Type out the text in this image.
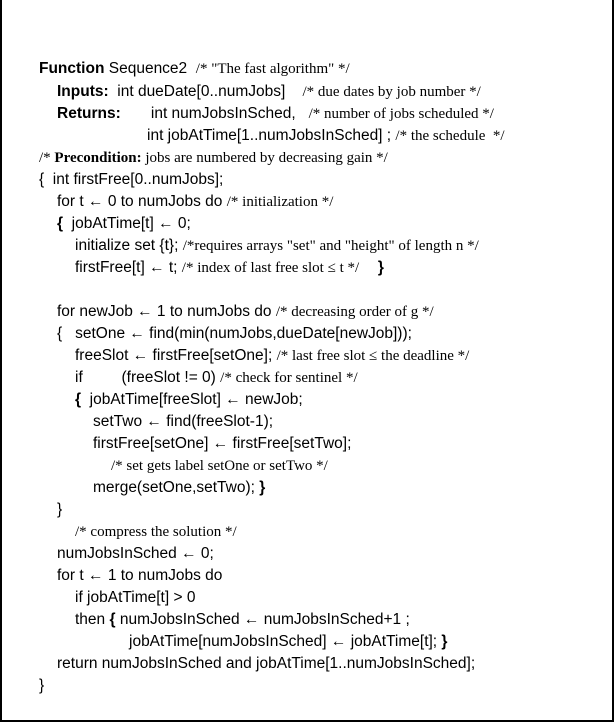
Function Sequence2  /* "The fast algorithm" */
Inputs:  int dueDate[0..numJobs]    /* due dates by job number */
Returns:       int numJobsInSched,   /* number of jobs scheduled */
int jobAtTime[1..numJobsInSched] ; /* the schedule  */
/* Precondition: jobs are numbered by decreasing gain */
{  int firstFree[0..numJobs];
for t ← 0 to numJobs do /* initialization */
{  jobAtTime[t] ← 0;
initialize set {t}; /*requires arrays "set" and "height" of length n */
firstFree[t] ← t; /* index of last free slot ≤ t */     }
for newJob ← 1 to numJobs do /* decreasing order of g */
{   setOne ← find(min(numJobs,dueDate[newJob]));
freeSlot ← firstFree[setOne]; /* last free slot ≤ the deadline */
if         (freeSlot != 0) /* check for sentinel */
{  jobAtTime[freeSlot] ← newJob;
setTwo ← find(freeSlot-1);
firstFree[setOne] ← firstFree[setTwo];
/* set gets label setOne or setTwo */
merge(setOne,setTwo); }
}
/* compress the solution */
numJobsInSched ← 0;
for t ← 1 to numJobs do
if jobAtTime[t] > 0
then { numJobsInSched ← numJobsInSched+1 ;
jobAtTime[numJobsInSched] ← jobAtTime[t]; }
return numJobsInSched and jobAtTime[1..numJobsInSched];
}
